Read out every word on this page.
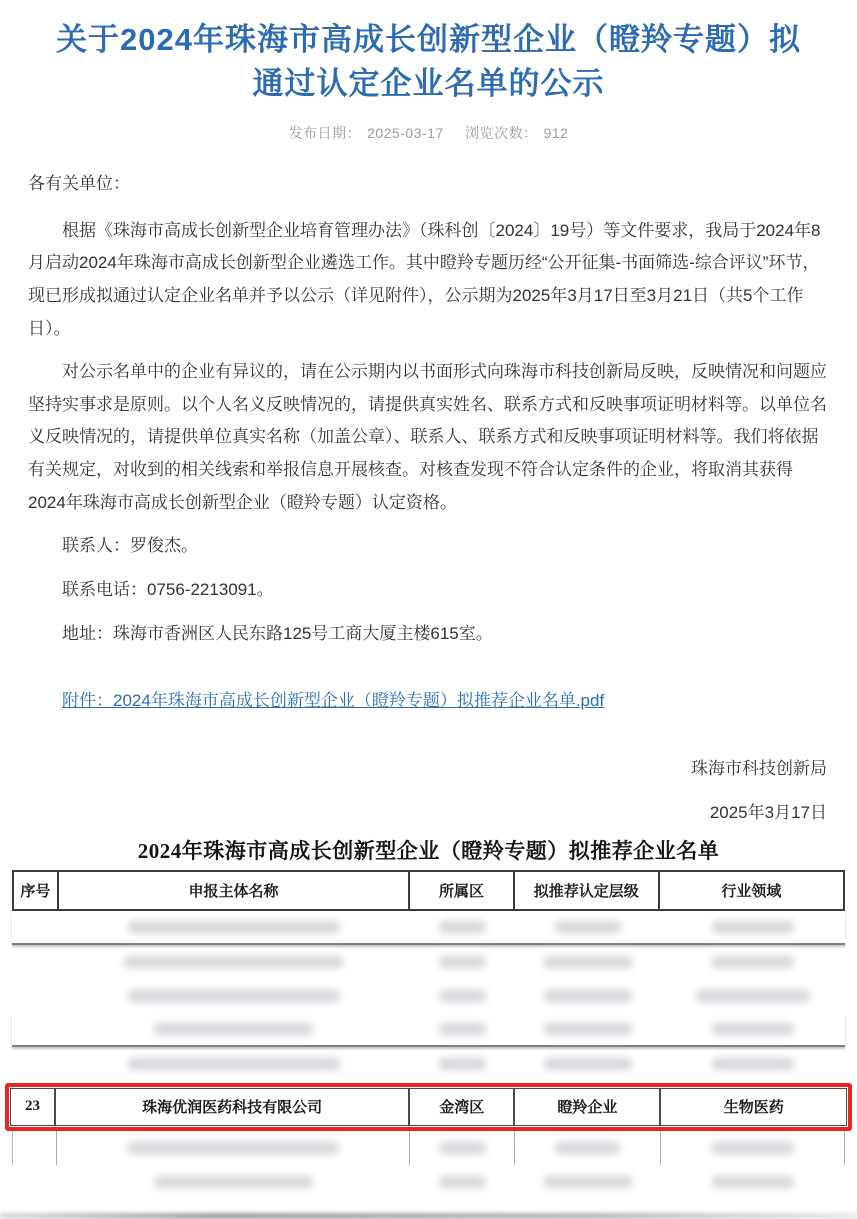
关于2024年珠海市高成长创新型企业（瞪羚专题）拟通过认定企业名单的公示
发布日期： 2025-03-17 浏览次数： 912

各有关单位：

根据《珠海市高成长创新型企业培育管理办法》（珠科创〔2024〕19号）等文件要求，我局于2024年8月启动2024年珠海市高成长创新型企业遴选工作。其中瞪羚专题历经“公开征集-书面筛选-综合评议”环节，现已形成拟通过认定企业名单并予以公示（详见附件），公示期为2025年3月17日至3月21日（共5个工作日）。

对公示名单中的企业有异议的，请在公示期内以书面形式向珠海市科技创新局反映，反映情况和问题应坚持实事求是原则。以个人名义反映情况的，请提供真实姓名、联系方式和反映事项证明材料等。以单位名义反映情况的，请提供单位真实名称（加盖公章）、联系人、联系方式和反映事项证明材料等。我们将依据有关规定，对收到的相关线索和举报信息开展核查。对核查发现不符合认定条件的企业，将取消其获得2024年珠海市高成长创新型企业（瞪羚专题）认定资格。

联系人：罗俊杰。

联系电话：0756-2213091。

地址：珠海市香洲区人民东路125号工商大厦主楼615室。

附件：2024年珠海市高成长创新型企业（瞪羚专题）拟推荐企业名单.pdf
珠海市科技创新局
2025年3月17日
2024年珠海市高成长创新型企业（瞪羚专题）拟推荐企业名单
序号	申报主体名称	所属区	拟推荐认定层级	行业领域
23	珠海优润医药科技有限公司	金湾区	瞪羚企业	生物医药
